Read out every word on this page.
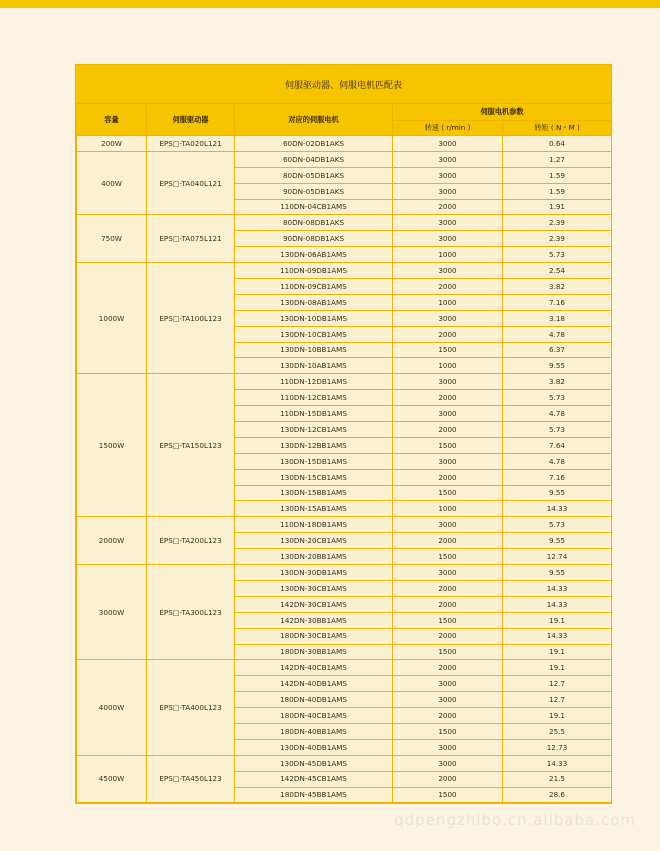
伺服驱动器、伺服电机匹配表
容量	伺服驱动器	对应的伺服电机	伺服电机参数	
			转速 ( r/min )	转矩 ( N・M )
200W	EPS□-TA020L121	60DN-02DB1AKS	3000	0.64
400W	EPS□-TA040L121	60DN-04DB1AKS	3000	1.27
		80DN-05DB1AKS	3000	1.59
		90DN-05DB1AKS	3000	1.59
		110DN-04CB1AMS	2000	1.91
750W	EPS□-TA075L121	80DN-08DB1AKS	3000	2.39
		90DN-08DB1AKS	3000	2.39
		130DN-06AB1AMS	1000	5.73
1000W	EPS□-TA100L123	110DN-09DB1AMS	3000	2.54
		110DN-09CB1AMS	2000	3.82
		130DN-08AB1AMS	1000	7.16
		130DN-10DB1AMS	3000	3.18
		130DN-10CB1AMS	2000	4.78
		130DN-10BB1AMS	1500	6.37
		130DN-10AB1AMS	1000	9.55
1500W	EPS□-TA150L123	110DN-12DB1AMS	3000	3.82
		110DN-12CB1AMS	2000	5.73
		110DN-15DB1AMS	3000	4.78
		130DN-12CB1AMS	2000	5.73
		130DN-12BB1AMS	1500	7.64
		130DN-15DB1AMS	3000	4.78
		130DN-15CB1AMS	2000	7.16
		130DN-15BB1AMS	1500	9.55
		130DN-15AB1AMS	1000	14.33
2000W	EPS□-TA200L123	110DN-18DB1AMS	3000	5.73
		130DN-20CB1AMS	2000	9.55
		130DN-20BB1AMS	1500	12.74
3000W	EPS□-TA300L123	130DN-30DB1AMS	3000	9.55
		130DN-30CB1AMS	2000	14.33
		142DN-30CB1AMS	2000	14.33
		142DN-30BB1AMS	1500	19.1
		180DN-30CB1AMS	2000	14.33
		180DN-30BB1AMS	1500	19.1
4000W	EPS□-TA400L123	142DN-40CB1AMS	2000	19.1
		142DN-40DB1AMS	3000	12.7
		180DN-40DB1AMS	3000	12.7
		180DN-40CB1AMS	2000	19.1
		180DN-40BB1AMS	1500	25.5
		130DN-40DB1AMS	3000	12.73
4500W	EPS□-TA450L123	130DN-45DB1AMS	3000	14.33
		142DN-45CB1AMS	2000	21.5
		180DN-45BB1AMS	1500	28.6
qdpengzhibo.cn.alibaba.com
